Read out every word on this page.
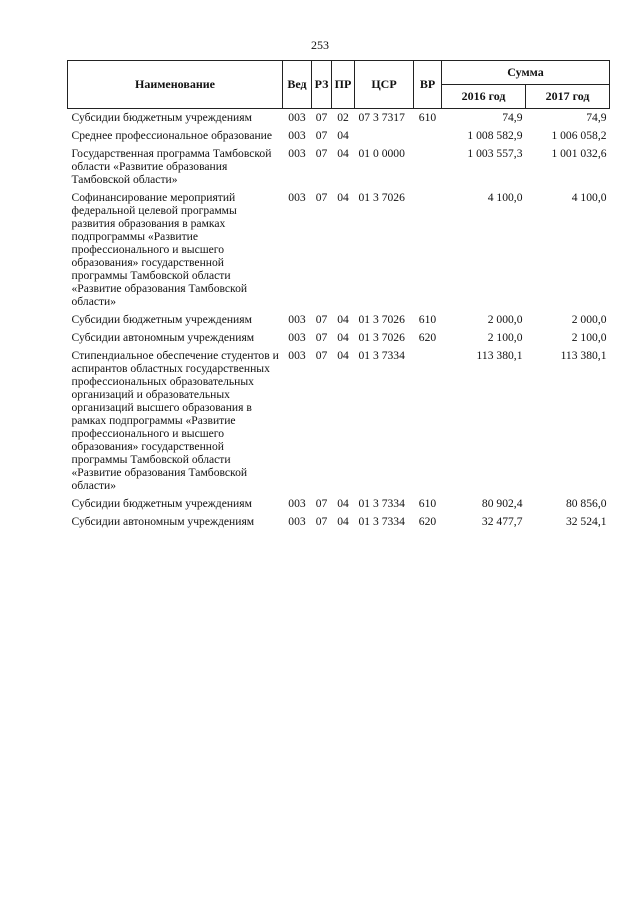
253
Наименование	Вед	РЗ	ПР	ЦСР	ВР	Сумма	
						2016 год	2017 год
Субсидии бюджетным учреждениям	003	07	02	07 3 7317	610	74,9	74,9
Среднее профессиональное образование	003	07	04			1 008 582,9	1 006 058,2
Государственная программа Тамбовской области «Развитие образования Тамбовской области»	003	07	04	01 0 0000		1 003 557,3	1 001 032,6
Софинансирование мероприятий федеральной целевой программы развития образования в рамках подпрограммы «Развитие профессионального и высшего образования» государственной программы Тамбовской области «Развитие образования Тамбовской области»	003	07	04	01 3 7026		4 100,0	4 100,0
Субсидии бюджетным учреждениям	003	07	04	01 3 7026	610	2 000,0	2 000,0
Субсидии автономным учреждениям	003	07	04	01 3 7026	620	2 100,0	2 100,0
Стипендиальное обеспечение студентов и аспирантов областных государственных профессиональных образовательных организаций и образовательных организаций высшего образования в рамках подпрограммы «Развитие профессионального и высшего образования» государственной программы Тамбовской области «Развитие образования Тамбовской области»	003	07	04	01 3 7334		113 380,1	113 380,1
Субсидии бюджетным учреждениям	003	07	04	01 3 7334	610	80 902,4	80 856,0
Субсидии автономным учреждениям	003	07	04	01 3 7334	620	32 477,7	32 524,1
